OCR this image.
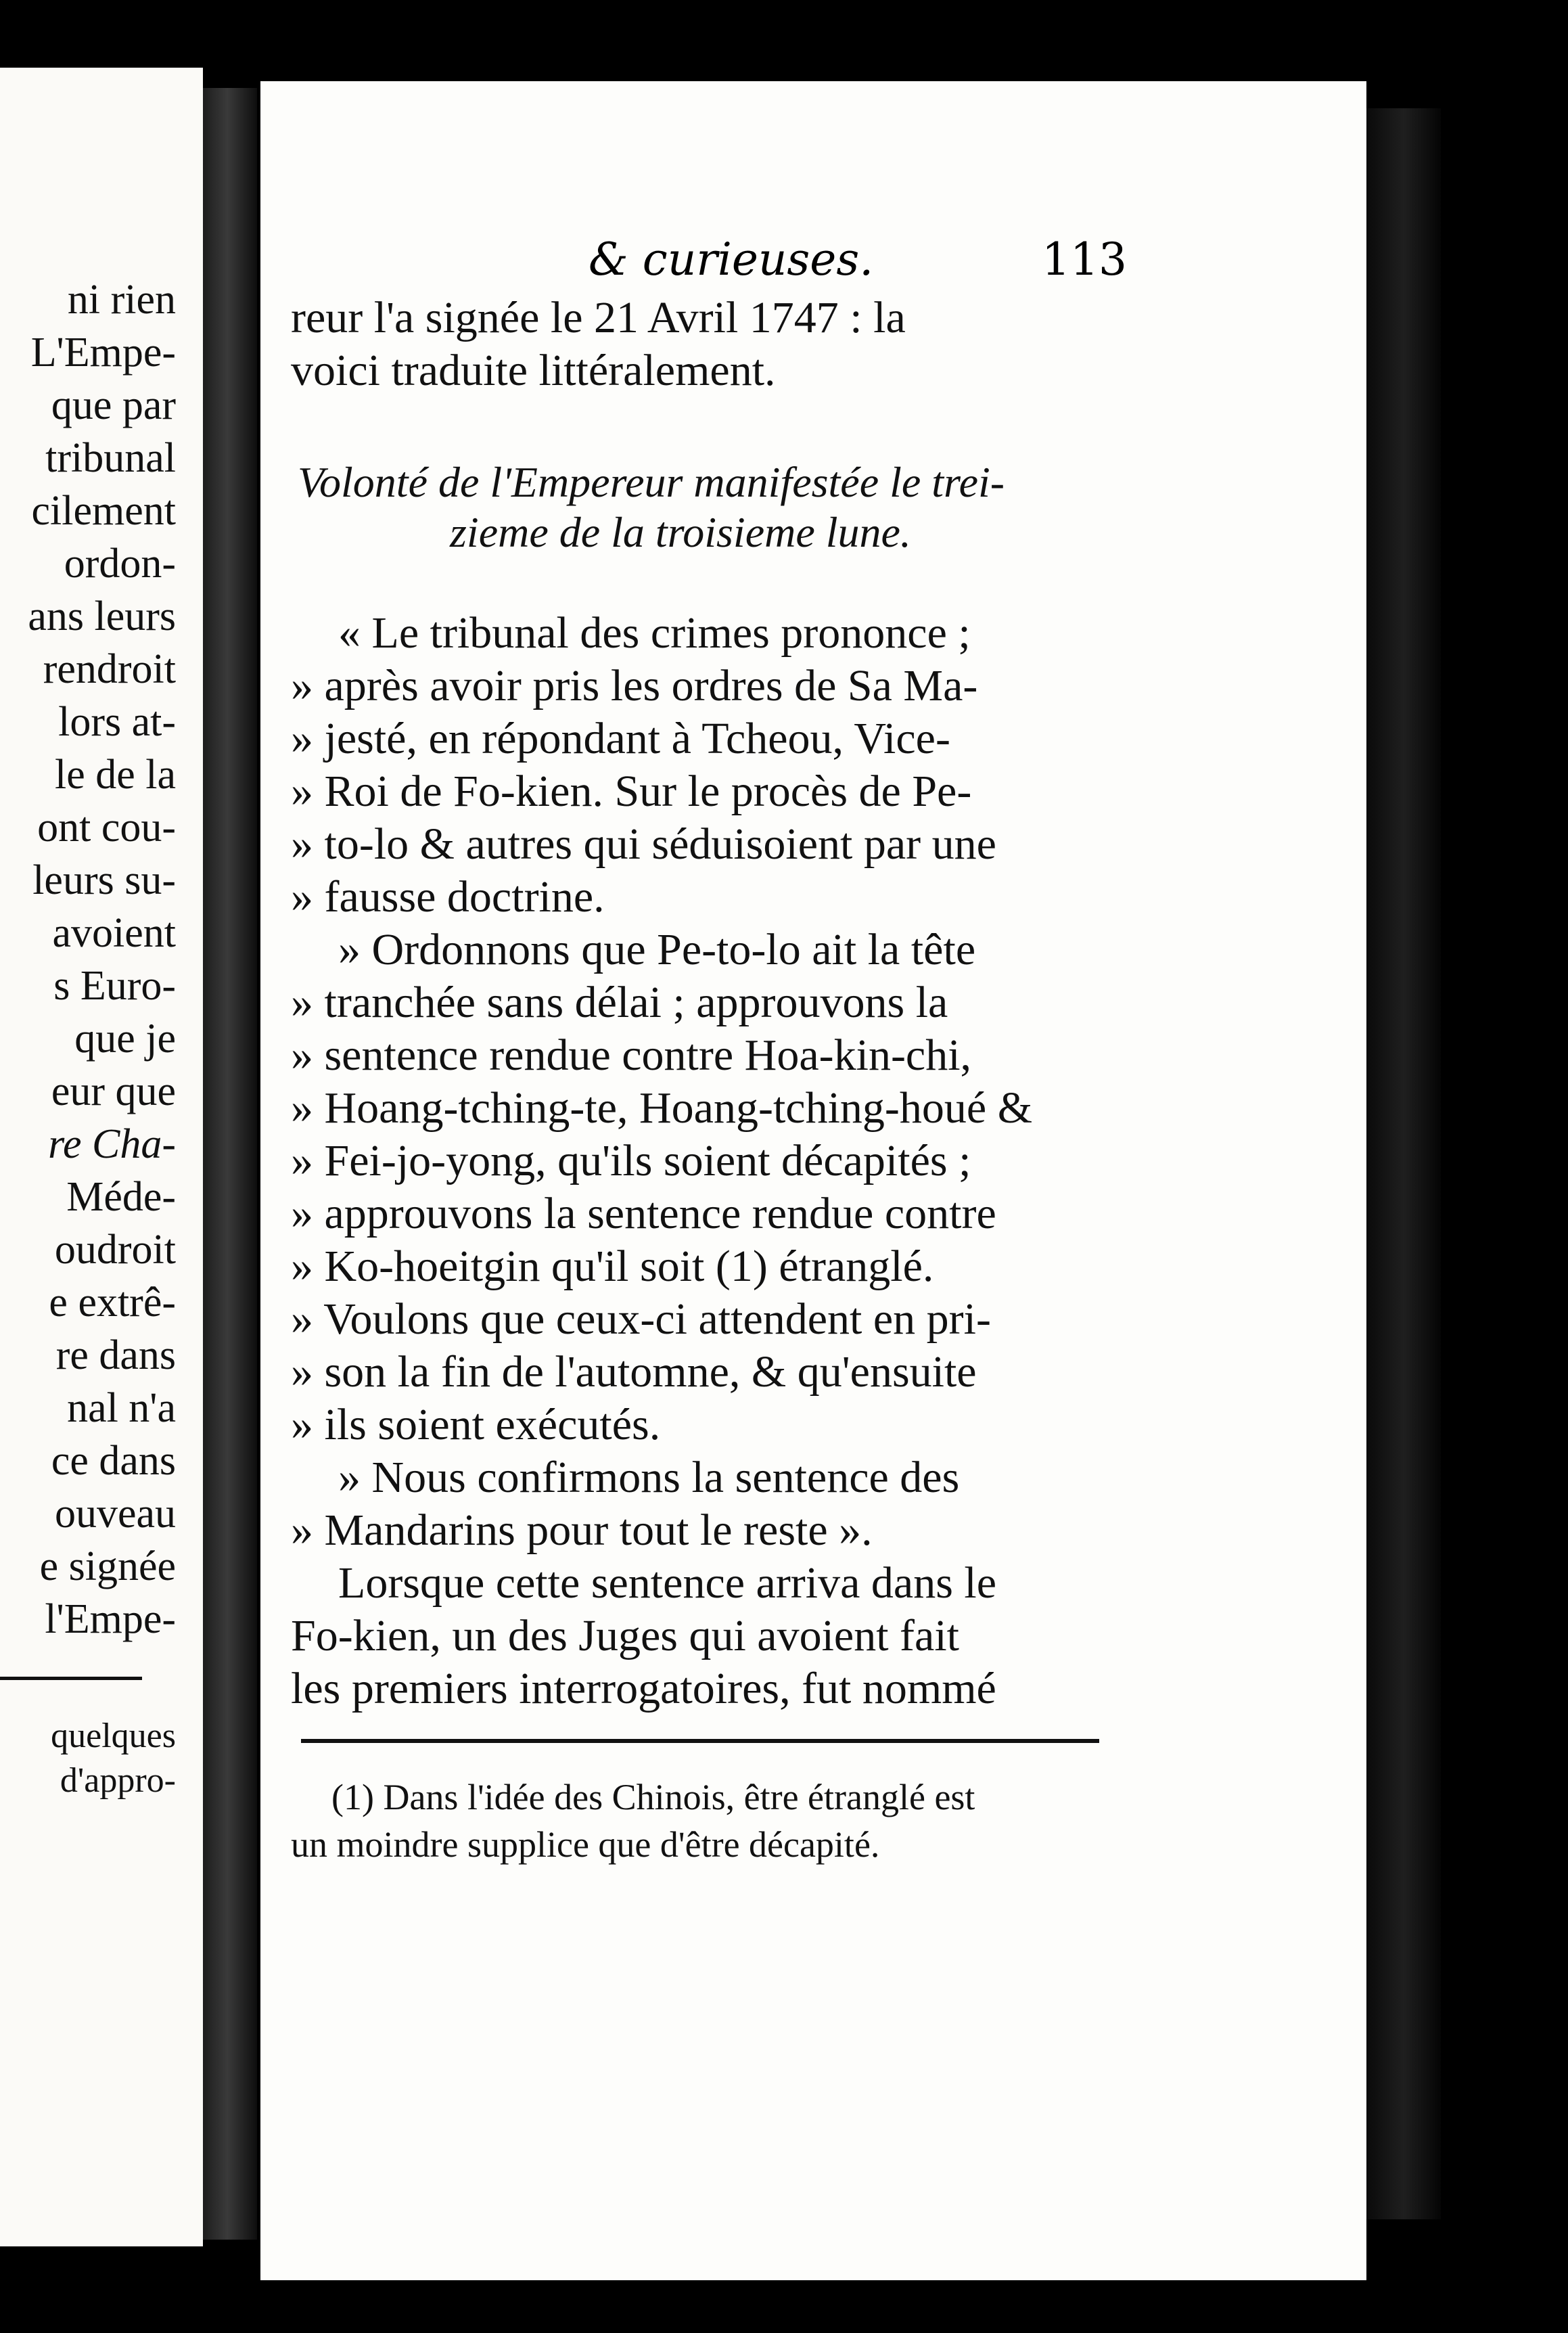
ni rien
L'Empe-
que par
tribunal
cilement
ordon-
ans leurs
rendroit
lors at-
le de la
ont cou-
leurs su-
avoient
s Euro-
que je
eur que
re Cha-
Méde-
oudroit
e extrê-
re dans
nal n'a
ce dans
ouveau
e signée
l'Empe-
quelques
d'appro-
& curieuses.	113
reur l'a signée le 21 Avril 1747 : la
voici traduite littéralement.
Volonté de l'Empereur manifestée le trei-
zieme de la troisieme lune.
« Le tribunal des crimes prononce ;
» après avoir pris les ordres de Sa Ma-
» jesté, en répondant à Tcheou, Vice-
» Roi de Fo-kien. Sur le procès de Pe-
» to-lo & autres qui séduisoient par une
» fausse doctrine.
» Ordonnons que Pe-to-lo ait la tête
» tranchée sans délai ; approuvons la
» sentence rendue contre Hoa-kin-chi,
» Hoang-tching-te, Hoang-tching-houé &
» Fei-jo-yong, qu'ils soient décapités ;
» approuvons la sentence rendue contre
» Ko-hoeitgin qu'il soit (1) étranglé.
» Voulons que ceux-ci attendent en pri-
» son la fin de l'automne, & qu'ensuite
» ils soient exécutés.
» Nous confirmons la sentence des
» Mandarins pour tout le reste ».
Lorsque cette sentence arriva dans le
Fo-kien, un des Juges qui avoient fait
les premiers interrogatoires, fut nommé
(1) Dans l'idée des Chinois, être étranglé est
un moindre supplice que d'être décapité.
